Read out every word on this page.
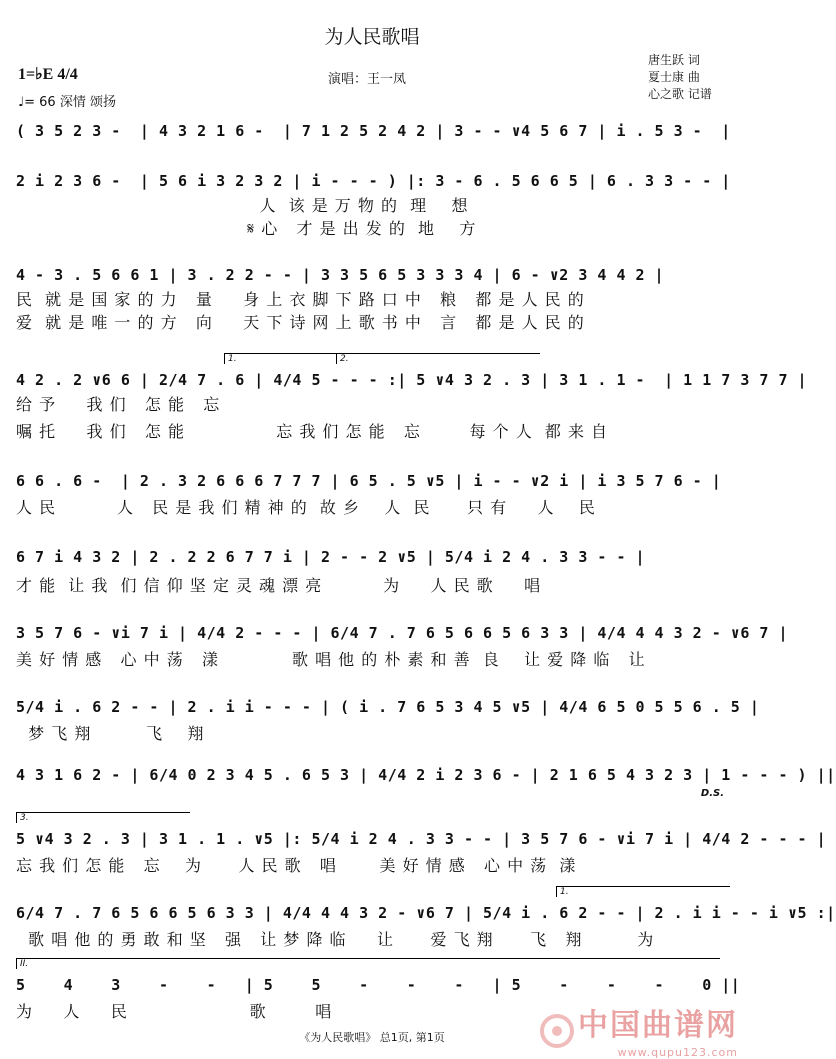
为人民歌唱
1=♭E 4/4
♩= 66 深情 颂扬
演唱：王一凤
唐生跃 词
夏士康 曲
心之歌 记谱
( 3 5 2 3 -  | 4 3 2 1 6 -  | 7 1 2 5 2 4 2 | 3 - - ∨4 5 6 7 | i . 5 3 -  |
2 i 2 3 6 -  | 5 6 i 3 2 3 2 | i - - - ) |: 3 - 6 . 5 6 6 5 | 6 . 3 3 - - |
人  该 是 万 物 的  理    想
𝄋 心   才 是 出 发 的  地    方
4 - 3 . 5 6 6 1 | 3 . 2 2 - - | 3 3 5 6 5 3 3 3 4 | 6 - ∨2 3 4 4 2 |
民  就 是 国 家 的 力   量     身 上 衣 脚 下 路 口 中   粮   都 是 人 民 的
爱  就 是 唯 一 的 方   向     天 下 诗 网 上 歌 书 中   言   都 是 人 民 的
1.	2.
4 2 . 2 ∨6 6 | 2/4 7 . 6 | 4/4 5 - - - :| 5 ∨4 3 2 . 3 | 3 1 . 1 -  | 1 1 7 3 7 7 |
给 予     我 们   怎 能   忘
嘱 托     我 们   怎 能               忘 我 们 怎 能   忘        每 个 人  都 来 自
6 6 . 6 -  | 2 . 3 2 6 6 6 7 7 7 | 6 5 . 5 ∨5 | i - - ∨2 i | i 3 5 7 6 - |
人 民          人   民 是 我 们 精 神 的  故 乡    人  民      只 有     人    民
6 7 i 4 3 2 | 2 . 2 2 6 7 7 i | 2 - - 2 ∨5 | 5/4 i 2 4 . 3 3 - - |
才 能  让 我  们 信 仰 坚 定 灵 魂 漂 亮          为     人 民 歌     唱
3 5 7 6 - ∨i 7 i | 4/4 2 - - - | 6/4 7 . 7 6 5 6 6 5 6 3 3 | 4/4 4 4 3 2 - ∨6 7 |
美 好 情 感   心 中 荡   漾            歌 唱 他 的 朴 素 和 善  良    让 爱 降 临   让
5/4 i . 6 2 - - | 2 . i i - - - | ( i . 7 6 5 3 4 5 ∨5 | 4/4 6 5 0 5 5 6 . 5 |
梦 飞 翔         飞    翔
4 3 1 6 2 - | 6/4 0 2 3 4 5 . 6 5 3 | 4/4 2 i 2 3 6 - | 2 1 6 5 4 3 2 3 | 1 - - - ) ||
D.S.
3.
5 ∨4 3 2 . 3 | 3 1 . 1 . ∨5 |: 5/4 i 2 4 . 3 3 - - | 3 5 7 6 - ∨i 7 i | 4/4 2 - - - |
忘 我 们 怎 能   忘    为      人 民 歌   唱       美 好 情 感   心 中 荡  漾
1.
6/4 7 . 7 6 5 6 6 5 6 3 3 | 4/4 4 4 3 2 - ∨6 7 | 5/4 i . 6 2 - - | 2 . i i - - i ∨5 :|
歌 唱 他 的 勇 敢 和 坚   强   让 梦 降 临     让      爱 飞 翔      飞   翔         为
II.
5    4    3    -    -   | 5    5    -    -    -   | 5    -    -    -    0 ||
为     人     民                    歌        唱
《为人民歌唱》 总1页, 第1页	中国曲谱网
www.qupu123.com
